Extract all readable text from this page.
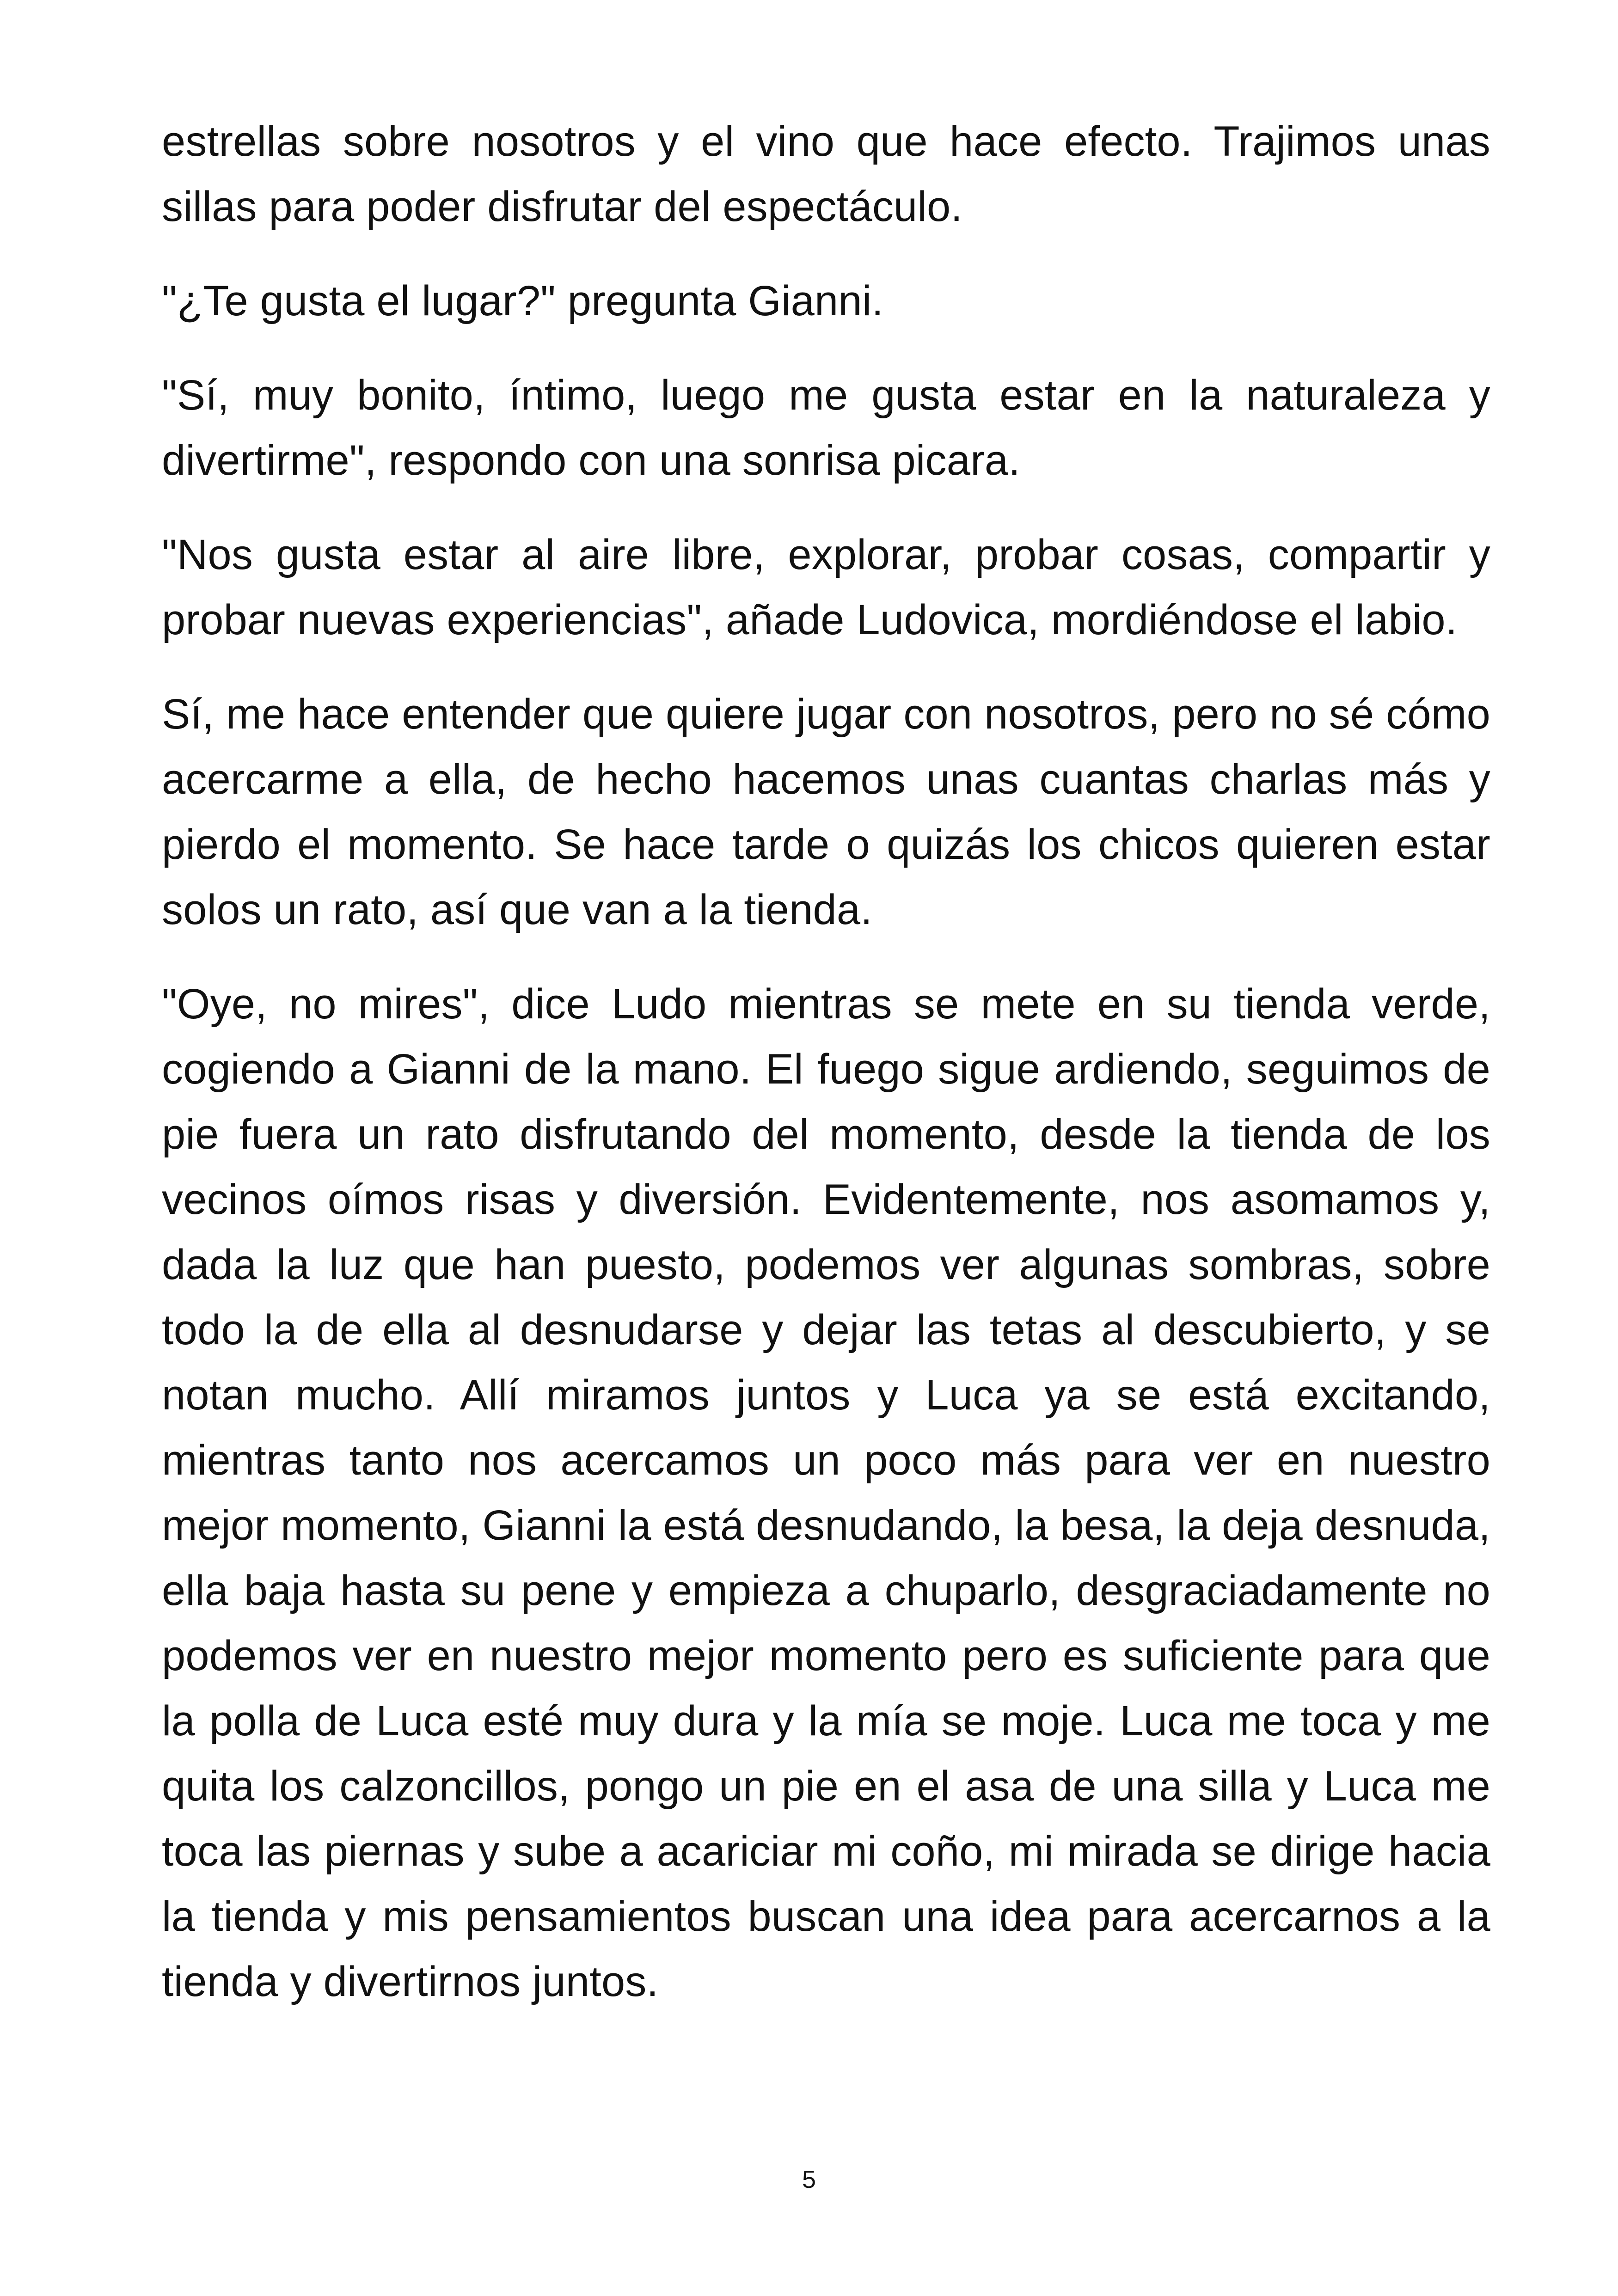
estrellas sobre nosotros y el vino que hace efecto. Trajimos unas sillas para poder disfrutar del espectáculo.

"¿Te gusta el lugar?" pregunta Gianni.

"Sí, muy bonito, íntimo, luego me gusta estar en la naturaleza y divertirme", respondo con una sonrisa picara.

"Nos gusta estar al aire libre, explorar, probar cosas, compartir y probar nuevas experiencias", añade Ludovica, mordiéndose el labio.

Sí, me hace entender que quiere jugar con nosotros, pero no sé cómo acercarme a ella, de hecho hacemos unas cuantas charlas más y pierdo el momento. Se hace tarde o quizás los chicos quieren estar solos un rato, así que van a la tienda.

"Oye, no mires", dice Ludo mientras se mete en su tienda verde, cogiendo a Gianni de la mano. El fuego sigue ardiendo, seguimos de pie fuera un rato disfrutando del momento, desde la tienda de los vecinos oímos risas y diversión. Evidentemente, nos asomamos y, dada la luz que han puesto, podemos ver algunas sombras, sobre todo la de ella al desnudarse y dejar las tetas al descubierto, y se notan mucho. Allí miramos juntos y Luca ya se está excitando, mientras tanto nos acercamos un poco más para ver en nuestro mejor momento, Gianni la está desnudando, la besa, la deja desnuda, ella baja hasta su pene y empieza a chuparlo, desgraciadamente no podemos ver en nuestro mejor momento pero es suficiente para que la polla de Luca esté muy dura y la mía se moje. Luca me toca y me quita los calzoncillos, pongo un pie en el asa de una silla y Luca me toca las piernas y sube a acariciar mi coño, mi mirada se dirige hacia la tienda y mis pensamientos buscan una idea para acercarnos a la tienda y divertirnos juntos.

5
